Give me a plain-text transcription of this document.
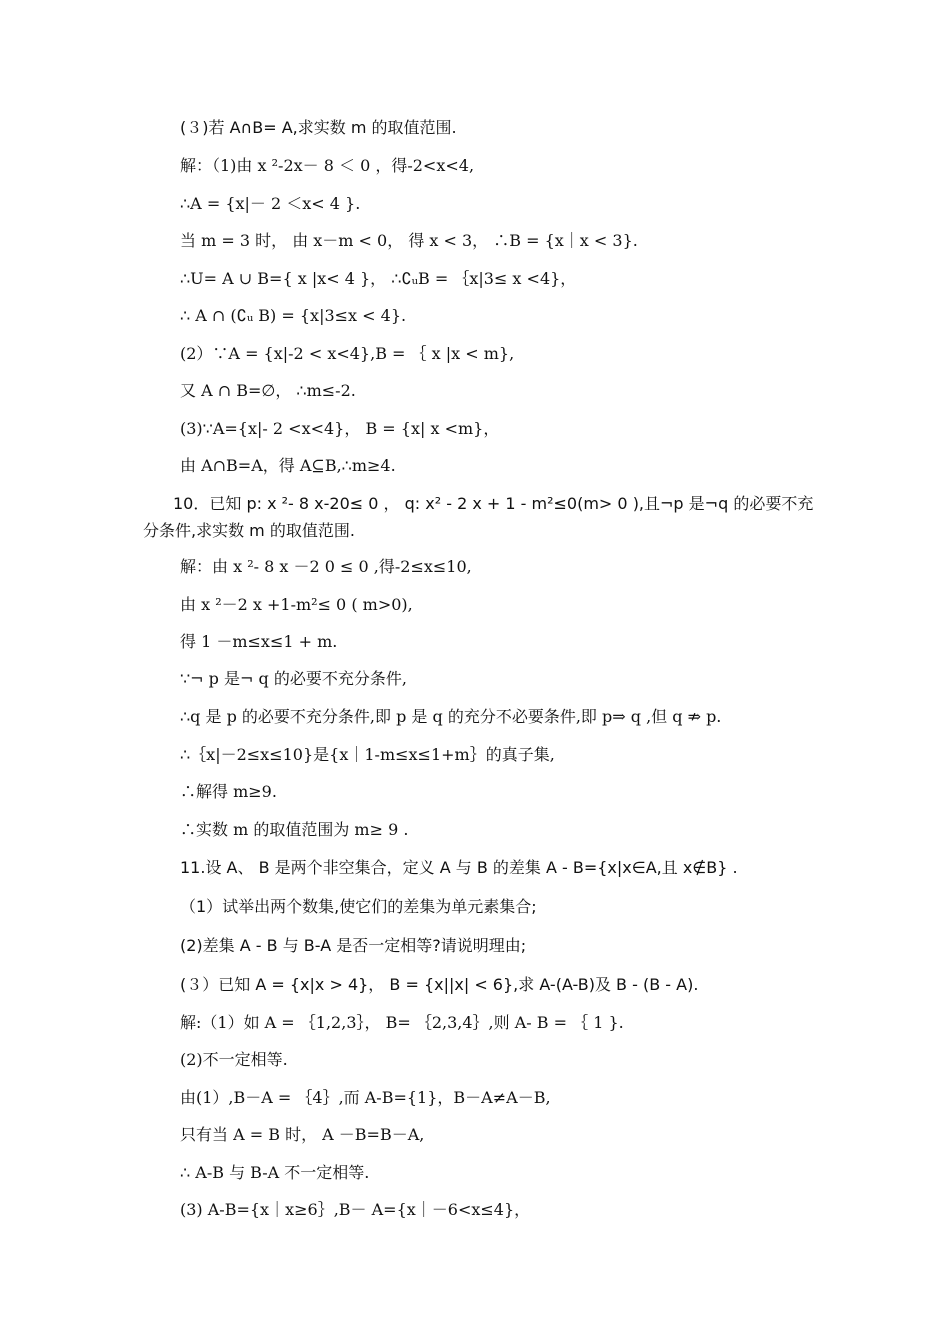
(３)若 A∩B= A,求实数 m 的取值范围.
解：（1)由 x ²-2x－ 8 ＜ 0 ，得-2<x<4,
∴A = {x|－ 2 ＜x< 4 }.
当 m = 3 时， 由 x－m < 0， 得 x < 3， ∴B = {x｜x < 3}.
∴U= A ∪ B={ x |x< 4 }， ∴∁ᵤB = ｛x|3≤ x <4}，
∴ A ∩ (∁ᵤ B) = {x|3≤x < 4}.
(2）∵A = {x|-2 < x<4},B = ｛ x |x < m},
又 A ∩ B=∅， ∴m≤-2.
(3)∵A={x|- 2 <x<4}， B = {x| x <m}，
由 A∩B=A，得 A⊆B,∴m≥4.
10．已知 p: x ²- 8 x-20≤ 0 ， q: x² - 2 x + 1 - m²≤0(m> 0 ),且¬p 是¬q 的必要不充分条件,求实数 m 的取值范围.
解：由 x ²- 8 x －2 0 ≤ 0 ,得-2≤x≤10,
由 x ²－2 x +1-m²≤ 0 ( m>0),
得 1 －m≤x≤1 + m.
∵¬ p 是¬ q 的必要不充分条件,
∴q 是 p 的必要不充分条件,即 p 是 q 的充分不必要条件,即 p⇒ q ,但 q ⇏ p.
∴｛x|－2≤x≤10}是{x｜1-m≤x≤1+m｝的真子集,
∴解得 m≥9.
∴实数 m 的取值范围为 m≥ 9 .
11.设 A、 B 是两个非空集合，定义 A 与 B 的差集 A - B={x|x∈A,且 x∉B} .
（1）试举出两个数集,使它们的差集为单元素集合;
(2)差集 A - B 与 B-A 是否一定相等?请说明理由;
(３）已知 A = {x|x > 4}， B = {x||x| < 6},求 A-(A-B)及 B - (B - A).
解:（1）如 A = ｛1,2,3｝， B= ｛2,3,4｝,则 A- B = ｛ 1 }.
(2)不一定相等.
由(1）,B－A = ｛4｝,而 A-B={1}，B－A≠A－B,
只有当 A = B 时， A －B=B－A,
∴ A-B 与 B-A 不一定相等.
(3) A-B={x｜x≥6｝,B－ A={x｜－6<x≤4}，
